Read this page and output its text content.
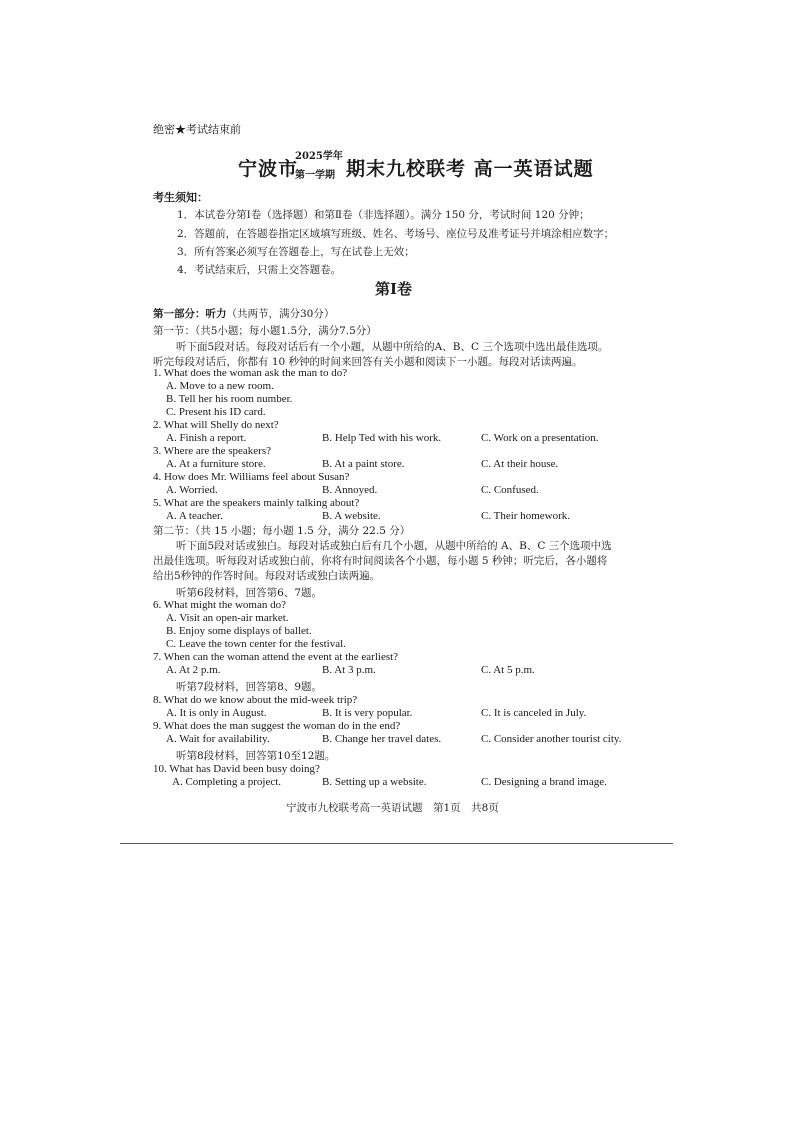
绝密★考试结束前
宁波市
2025学年
第一学期 期末九校联考 高一英语试题
考生须知：
1．本试卷分第Ⅰ卷（选择题）和第Ⅱ卷（非选择题）。满分 150 分，考试时间 120 分钟；
2．答题前，在答题卷指定区域填写班级、姓名、考场号、座位号及准考证号并填涂相应数字；
3．所有答案必须写在答题卷上，写在试卷上无效；
4．考试结束后，只需上交答题卷。
第Ⅰ卷
第一部分：听力（共两节，满分30分）
第一节：（共5小题；每小题1.5分，满分7.5分）
听下面5段对话。每段对话后有一个小题，从题中所给的A、B、C 三个选项中选出最佳选项。
听完每段对话后，你都有 10 秒钟的时间来回答有关小题和阅读下一小题。每段对话读两遍。
1. What does the woman ask the man to do?
A. Move to a new room.
B. Tell her his room number.
C. Present his ID card.
2. What will Shelly do next?
A. Finish a report.	B. Help Ted with his work.	C. Work on a presentation.
3. Where are the speakers?
A. At a furniture store.	B. At a paint store.	C. At their house.
4. How does Mr. Williams feel about Susan?
A. Worried.	B. Annoyed.	C. Confused.
5. What are the speakers mainly talking about?
A. A teacher.	B. A website.	C. Their homework.
第二节：（共 15 小题；每小题 1.5 分，满分 22.5 分）
听下面5段对话或独白。每段对话或独白后有几个小题，从题中所给的 A、B、C 三个选项中选
出最佳选项。听每段对话或独白前，你将有时间阅读各个小题，每小题 5 秒钟；听完后，各小题将
给出5秒钟的作答时间。每段对话或独白读两遍。
听第6段材料，回答第6、7题。
6. What might the woman do?
A. Visit an open-air market.
B. Enjoy some displays of ballet.
C. Leave the town center for the festival.
7. When can the woman attend the event at the earliest?
A. At 2 p.m.	B. At 3 p.m.	C. At 5 p.m.
听第7段材料，回答第8、9题。
8. What do we know about the mid-week trip?
A. It is only in August.	B. It is very popular.	C. It is canceled in July.
9. What does the man suggest the woman do in the end?
A. Wait for availability.	B. Change her travel dates.	C. Consider another tourist city.
听第8段材料，回答第10至12题。
10. What has David been busy doing?
A. Completing a project.	B. Setting up a website.	C. Designing a brand image.
宁波市九校联考高一英语试题　第1页　共8页
